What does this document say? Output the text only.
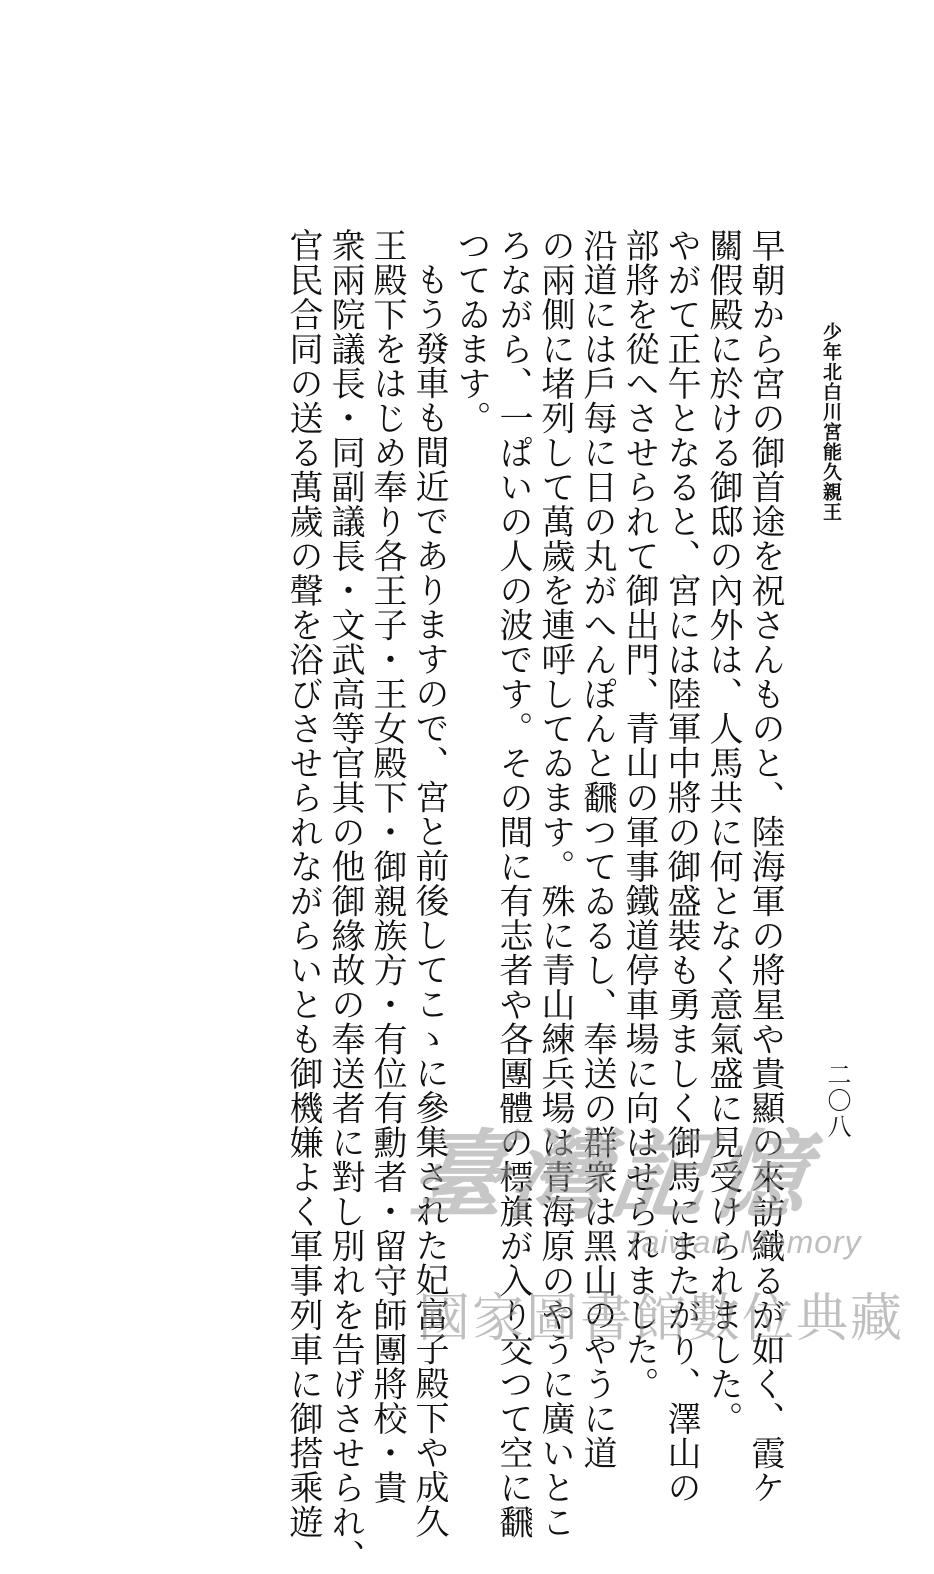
少年北白川宮能久親王
二〇八
早朝から宮の御首途を祝さんものと、陸海軍の將星や貴顯の來訪織るが如く、霞ケ
關假殿に於ける御邸の內外は、人馬共に何となく意氣盛に見受けられました。
やがて正午となると、宮には陸軍中將の御盛裝も勇ましく御馬にまたがり、澤山の
部將を從へさせられて御出門、青山の軍事鐵道停車場に向はせられました。
沿道には戶每に日の丸がへんぽんと飜つてゐるし、奉送の群衆は黑山のやうに道
の兩側に堵列して萬歲を連呼してゐます。殊に青山練兵場は青海原のやうに廣いとこ
ろながら、一ぱいの人の波です。その間に有志者や各團體の標旗が入り交つて空に飜
つてゐます。
もう發車も間近でありますので、宮と前後してこゝに參集された妃富子殿下や成久
王殿下をはじめ奉り各王子・王女殿下・御親族方・有位有勳者・留守師團將校・貴
衆兩院議長・同副議長・文武高等官其の他御緣故の奉送者に對し別れを告げさせられ、
官民合同の送る萬歲の聲を浴びさせられながらいとも御機嫌よく軍事列車に御搭乘遊 臺灣記憶
Taiwan Memory
國家圖書館數位典藏
